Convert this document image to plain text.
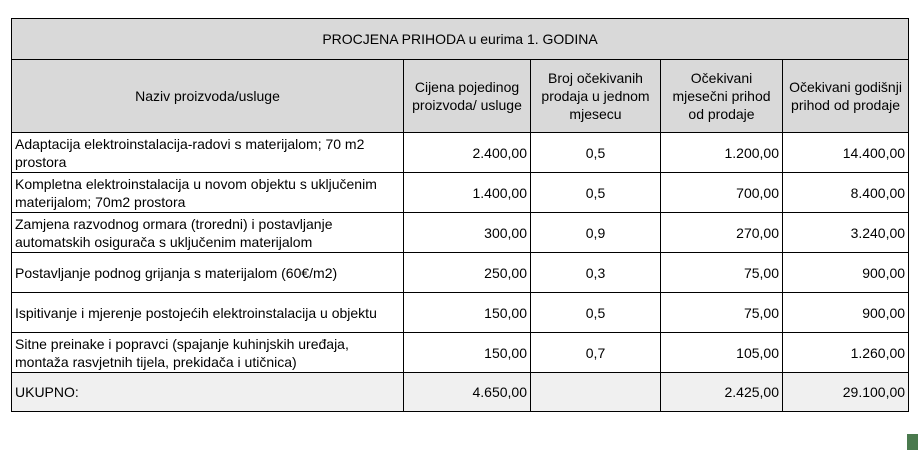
PROCJENA PRIHODA u eurima 1. GODINA				
Naziv proizvoda/usluge	Cijena pojedinog proizvoda/ usluge	Broj očekivanih prodaja u jednom mjesecu	Očekivani mjesečni prihod od prodaje	Očekivani godišnji prihod od prodaje
Adaptacija elektroinstalacija-radovi s materijalom; 70 m2 prostora	2.400,00	0,5	1.200,00	14.400,00
Kompletna elektroinstalacija u novom objektu s uključenim materijalom; 70m2 prostora	1.400,00	0,5	700,00	8.400,00
Zamjena razvodnog ormara (troredni) i postavljanje automatskih osigurača s uključenim materijalom	300,00	0,9	270,00	3.240,00
Postavljanje podnog grijanja s materijalom (60€/m2)	250,00	0,3	75,00	900,00
Ispitivanje i mjerenje postojećih elektroinstalacija u objektu	150,00	0,5	75,00	900,00
Sitne preinake i popravci (spajanje kuhinjskih uređaja, montaža rasvjetnih tijela, prekidača i utičnica)	150,00	0,7	105,00	1.260,00
UKUPNO:	4.650,00		2.425,00	29.100,00
